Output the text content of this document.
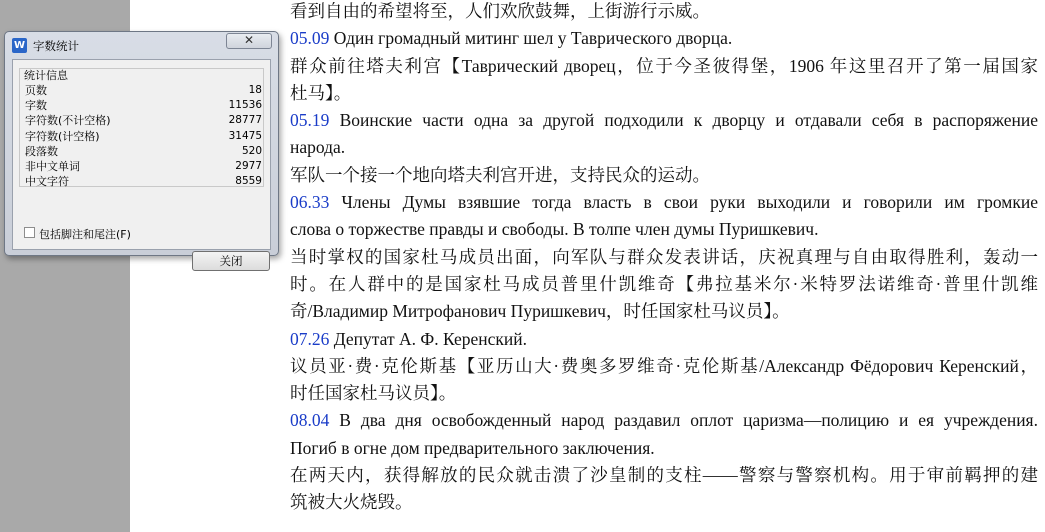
看到自由的希望将至，人们欢欣鼓舞，上街游行示威。
05.09 Один громадный митинг шел у Таврического дворца.
群众前往塔夫利宫【Таврический дворец，位于今圣彼得堡，1906 年这里召开了第一届国家
杜马】。
05.19 Воинские части одна за другой подходили к дворцу и отдавали себя в распоряжение
народа.
军队一个接一个地向塔夫利宫开进，支持民众的运动。
06.33 Члены Думы взявшие тогда власть в свои руки выходили и говорили им громкие
слова о торжестве правды и свободы. В толпе член думы Пуришкевич.
当时掌权的国家杜马成员出面，向军队与群众发表讲话，庆祝真理与自由取得胜利，轰动一
时。在人群中的是国家杜马成员普里什凯维奇【弗拉基米尔·米特罗法诺维奇·普里什凯维
奇/Владимир Митрофанович Пуришкевич，时任国家杜马议员】。
07.26 Депутат А. Ф. Керенский.
议员亚·费·克伦斯基【亚历山大·费奥多罗维奇·克伦斯基/Александр Фёдорович Керенский，
时任国家杜马议员】。
08.04 В два дня освобожденный народ раздавил оплот царизма—полицию и ея учреждения.
Погиб в огне дом предварительного заключения.
在两天内，获得解放的民众就击溃了沙皇制的支柱——警察与警察机构。用于审前羁押的建
筑被大火烧毁。
W 字数统计	✕
统计信息
页数	18
字数	11536
字符数(不计空格)	28777
字符数(计空格)	31475
段落数	520
非中文单词	2977
中文字符	8559
包括脚注和尾注(F)
关闭
